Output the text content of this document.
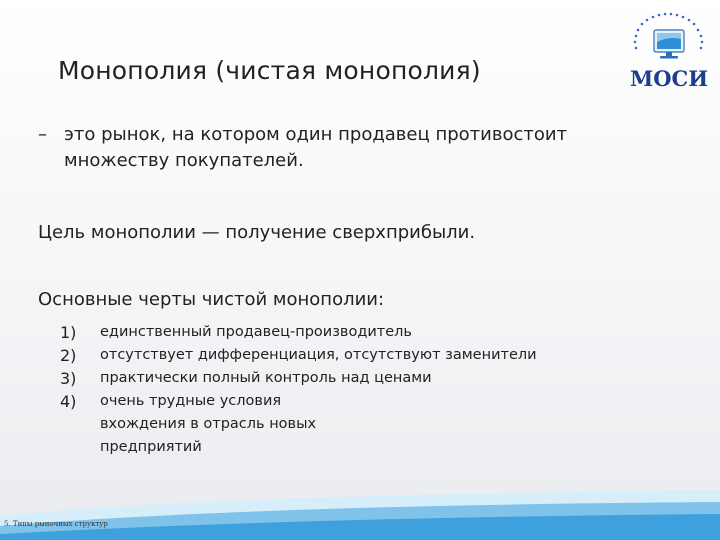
Монополия (чистая монополия)	МОСИ
– это рынок, на котором один продавец противостоит множеству покупателей.
Цель монополии — получение сверхприбыли.
Основные черты чистой монополии:
1)	единственный продавец-производитель
2)	отсутствует дифференциация, отсутствуют заменители
3)	практически полный контроль над ценами
4)	очень трудные условия вхождения в отрасль новых предприятий
5. Типы рыночных структур
